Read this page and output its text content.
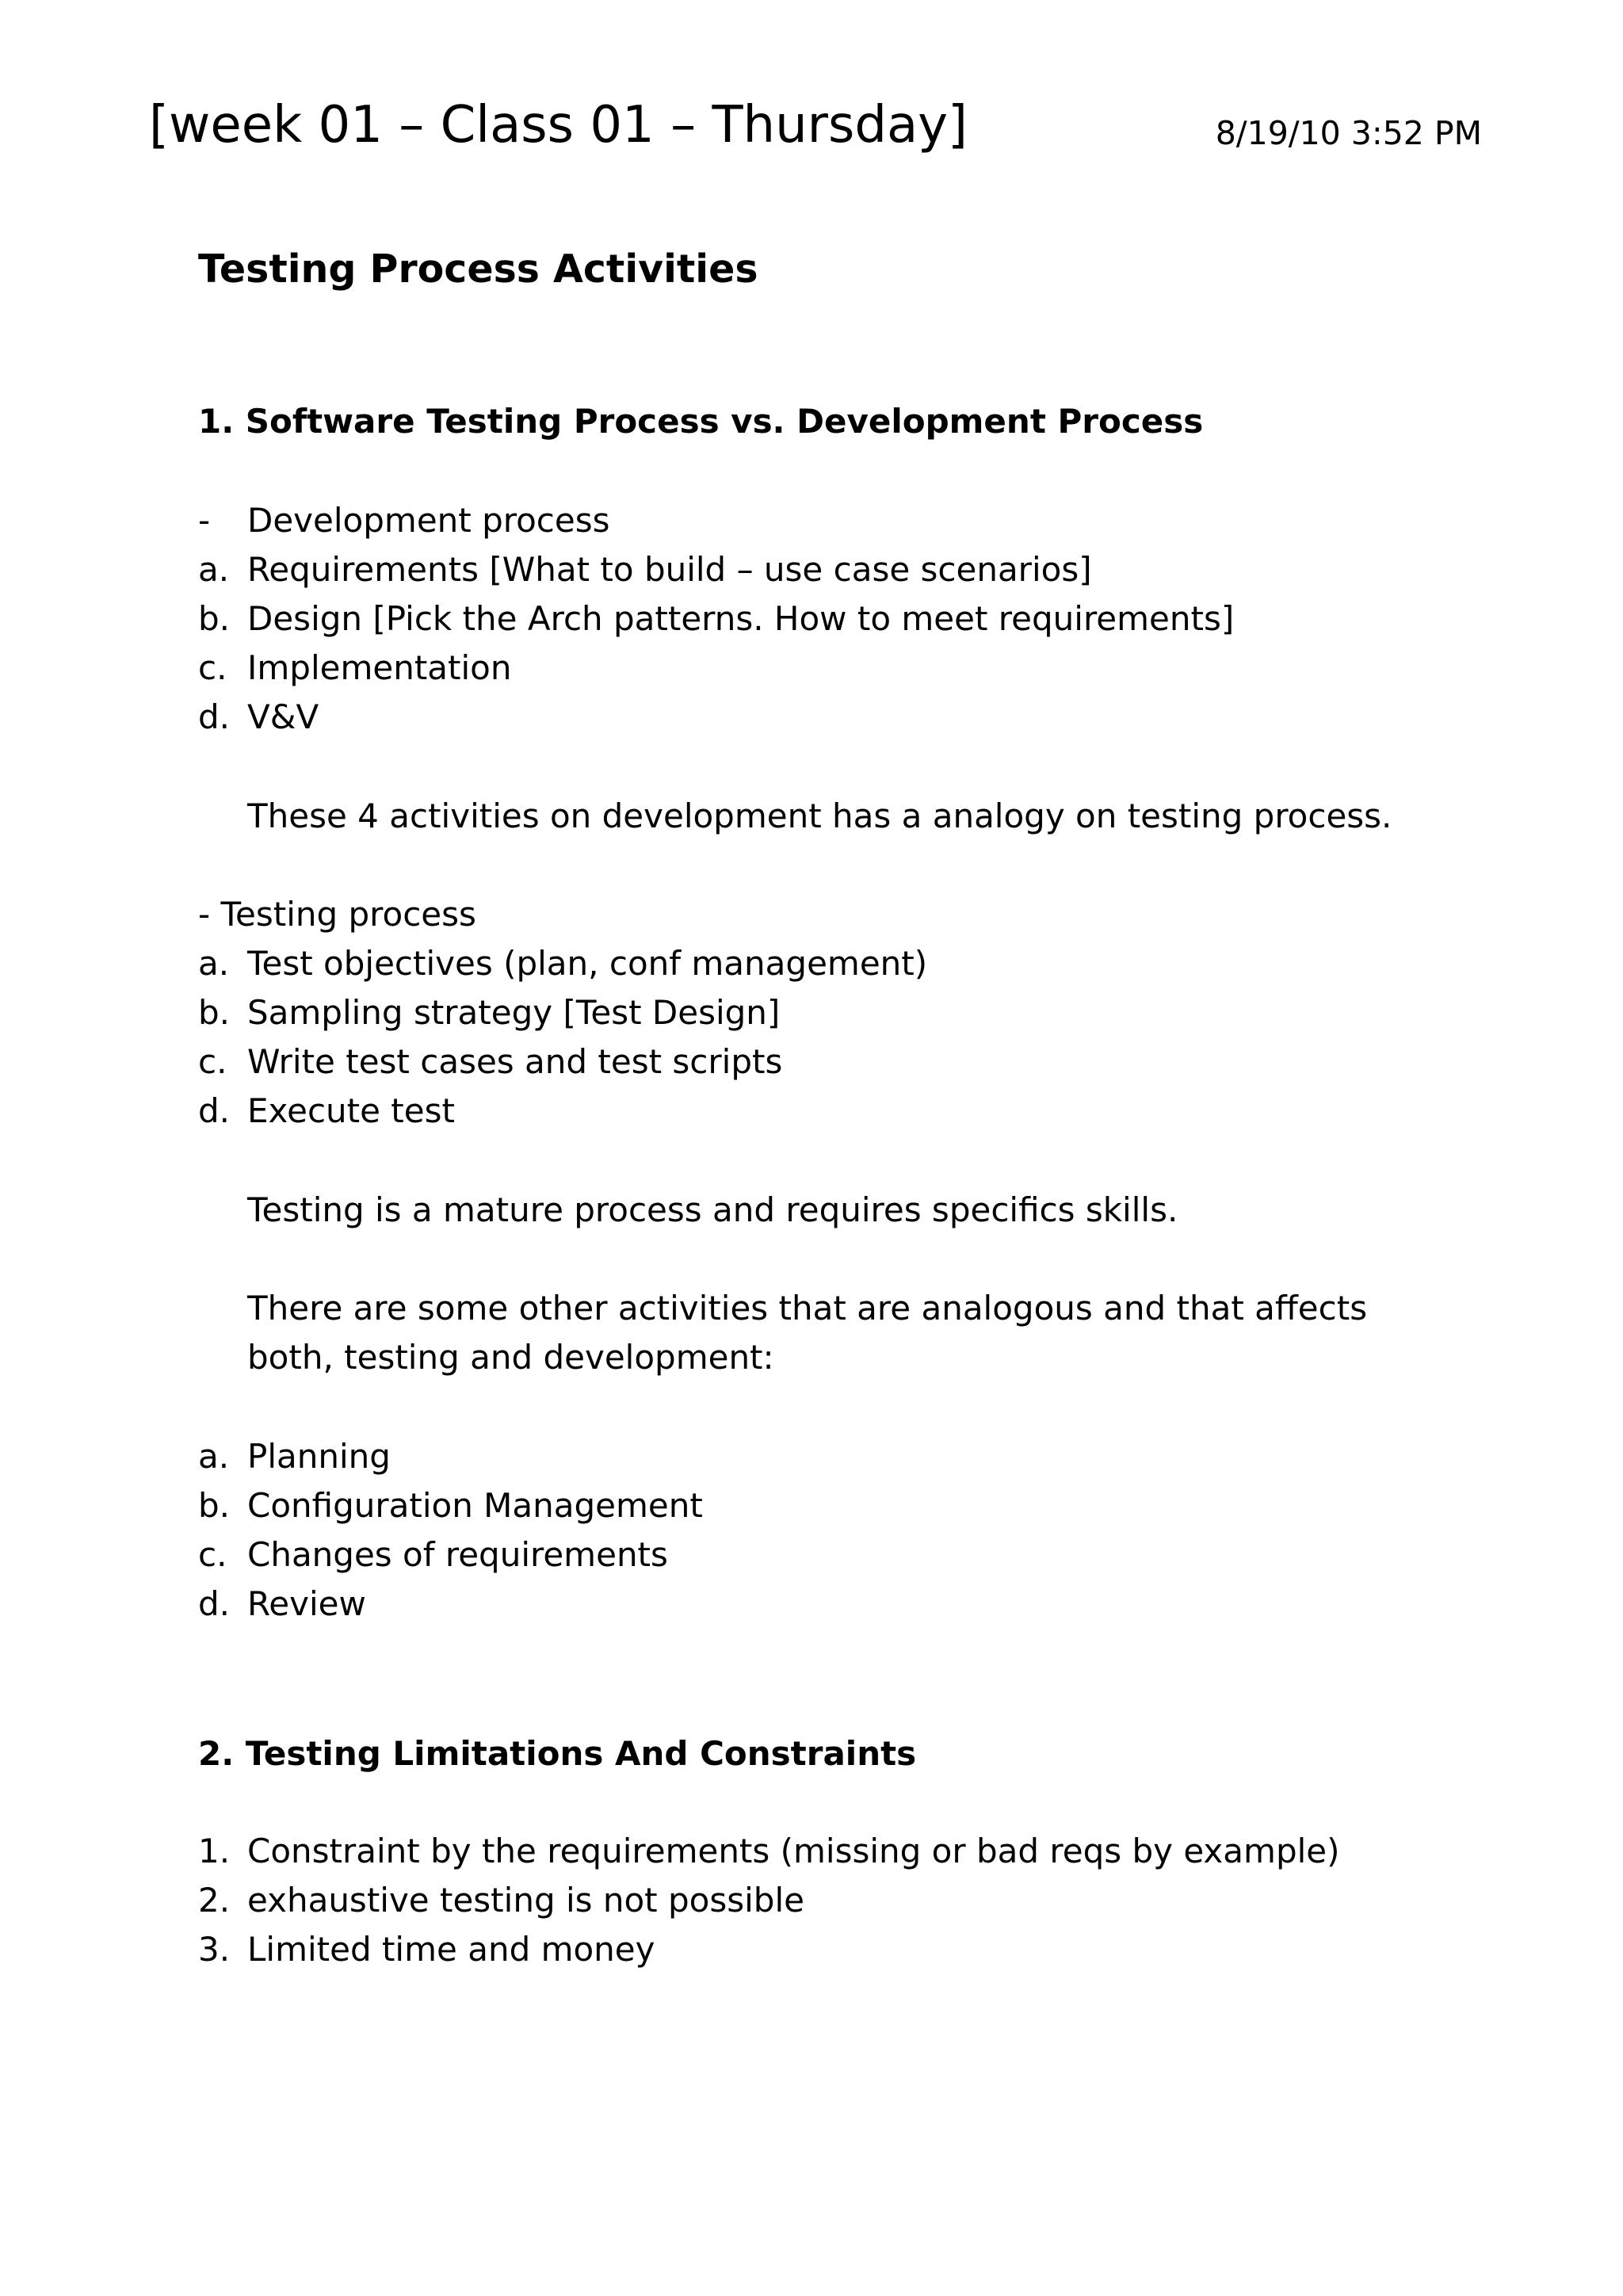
[week 01 – Class 01 – Thursday]	8/19/10 3:52 PM
Testing Process Activities
1. Software Testing Process vs. Development Process
- Development process
a. Requirements [What to build – use case scenarios]
b. Design [Pick the Arch patterns. How to meet requirements]
c. Implementation
d. V&V
These 4 activities on development has a analogy on testing process.
- Testing process
a. Test objectives (plan, conf management)
b. Sampling strategy [Test Design]
c. Write test cases and test scripts
d. Execute test
Testing is a mature process and requires specifics skills.
There are some other activities that are analogous and that affects
both, testing and development:
a. Planning
b. Configuration Management
c. Changes of requirements
d. Review
2. Testing Limitations And Constraints
1. Constraint by the requirements (missing or bad reqs by example)
2. exhaustive testing is not possible
3. Limited time and money
